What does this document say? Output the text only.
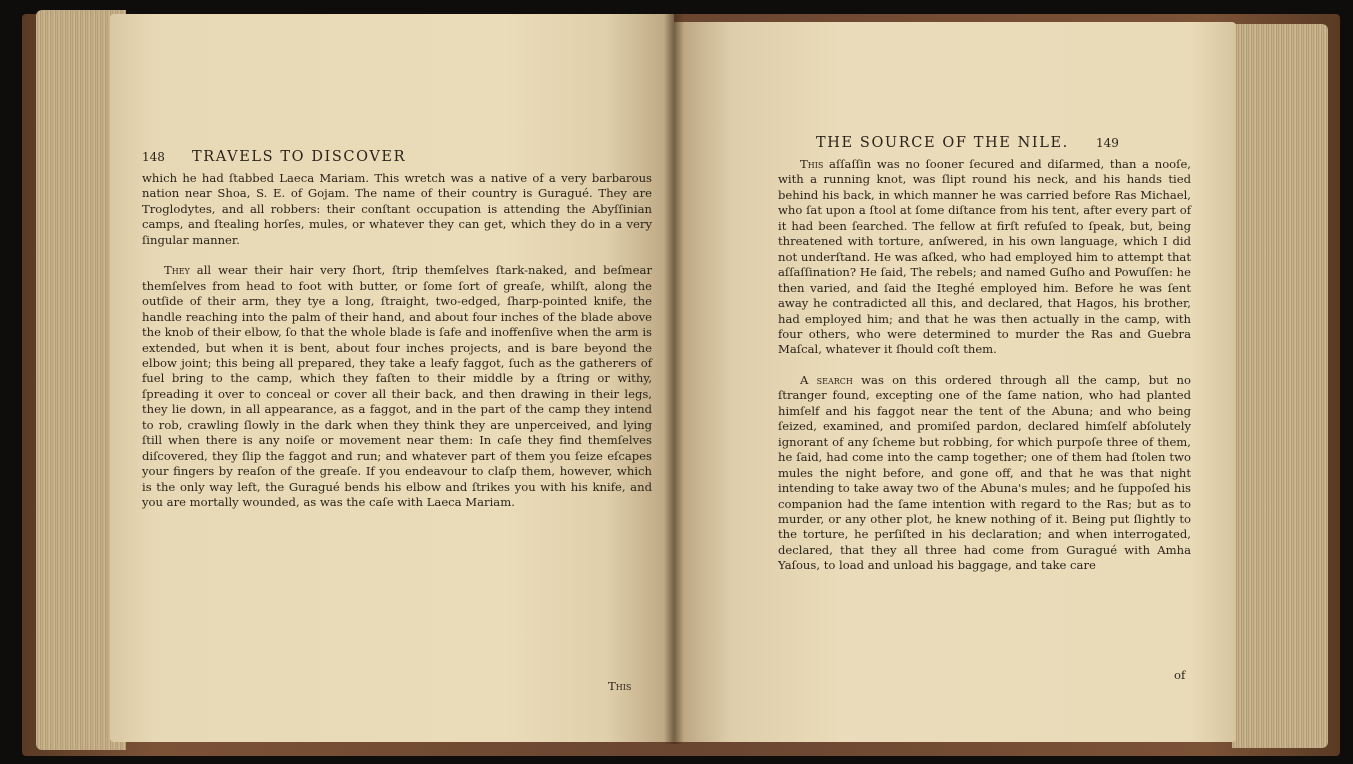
148 TRAVELS TO DISCOVER

which he had ſtabbed Laeca Mariam. This wretch was a native of a very barbarous nation near Shoa, S. E. of Gojam. The name of their country is Guragué. They are Troglodytes, and all robbers: their conſtant occupation is attending the Abyſſinian camps, and ſtealing horſes, mules, or whatever they can get, which they do in a very ſingular manner.

They all wear their hair very ſhort, ſtrip themſelves ſtark-naked, and beſmear themſelves from head to foot with butter, or ſome ſort of greaſe, whilſt, along the outſide of their arm, they tye a long, ſtraight, two-edged, ſharp-pointed knife, the handle reaching into the palm of their hand, and about four inches of the blade above the knob of their elbow, ſo that the whole blade is ſafe and inoffenſive when the arm is extended, but when it is bent, about four inches projects, and is bare beyond the elbow joint; this being all prepared, they take a leafy faggot, ſuch as the gatherers of fuel bring to the camp, which they faſten to their middle by a ſtring or withy, ſpreading it over to conceal or cover all their back, and then drawing in their legs, they lie down, in all appearance, as a faggot, and in the part of the camp they intend to rob, crawling ſlowly in the dark when they think they are unperceived, and lying ſtill when there is any noiſe or movement near them: In caſe they find themſelves diſcovered, they ſlip the faggot and run; and whatever part of them you ſeize eſcapes your fingers by reaſon of the greaſe. If you endeavour to claſp them, however, which is the only way left, the Guragué bends his elbow and ſtrikes you with his knife, and you are mortally wounded, as was the caſe with Laeca Mariam.

This
THE SOURCE OF THE NILE. 149

This aſſaſſin was no ſooner ſecured and diſarmed, than a nooſe, with a running knot, was ſlipt round his neck, and his hands tied behind his back, in which manner he was carried before Ras Michael, who ſat upon a ſtool at ſome diſtance from his tent, after every part of it had been ſearched. The fellow at firſt refuſed to ſpeak, but, being threatened with torture, anſwered, in his own language, which I did not underſtand. He was aſked, who had employed him to attempt that aſſaſſination? He ſaid, The rebels; and named Guſho and Powuſſen: he then varied, and ſaid the Iteghé employed him. Before he was ſent away he contradicted all this, and declared, that Hagos, his brother, had employed him; and that he was then actually in the camp, with four others, who were determined to murder the Ras and Guebra Maſcal, whatever it ſhould coſt them.

A search was on this ordered through all the camp, but no ſtranger found, excepting one of the ſame nation, who had planted himſelf and his faggot near the tent of the Abuna; and who being ſeized, examined, and promiſed pardon, declared himſelf abſolutely ignorant of any ſcheme but robbing, for which purpoſe three of them, he ſaid, had come into the camp together; one of them had ſtolen two mules the night before, and gone off, and that he was that night intending to take away two of the Abuna's mules; and he ſuppoſed his companion had the ſame intention with regard to the Ras; but as to murder, or any other plot, he knew nothing of it. Being put ſlightly to the torture, he perſiſted in his declaration; and when interrogated, declared, that they all three had come from Guragué with Amha Yaſous, to load and unload his baggage, and take care

of
